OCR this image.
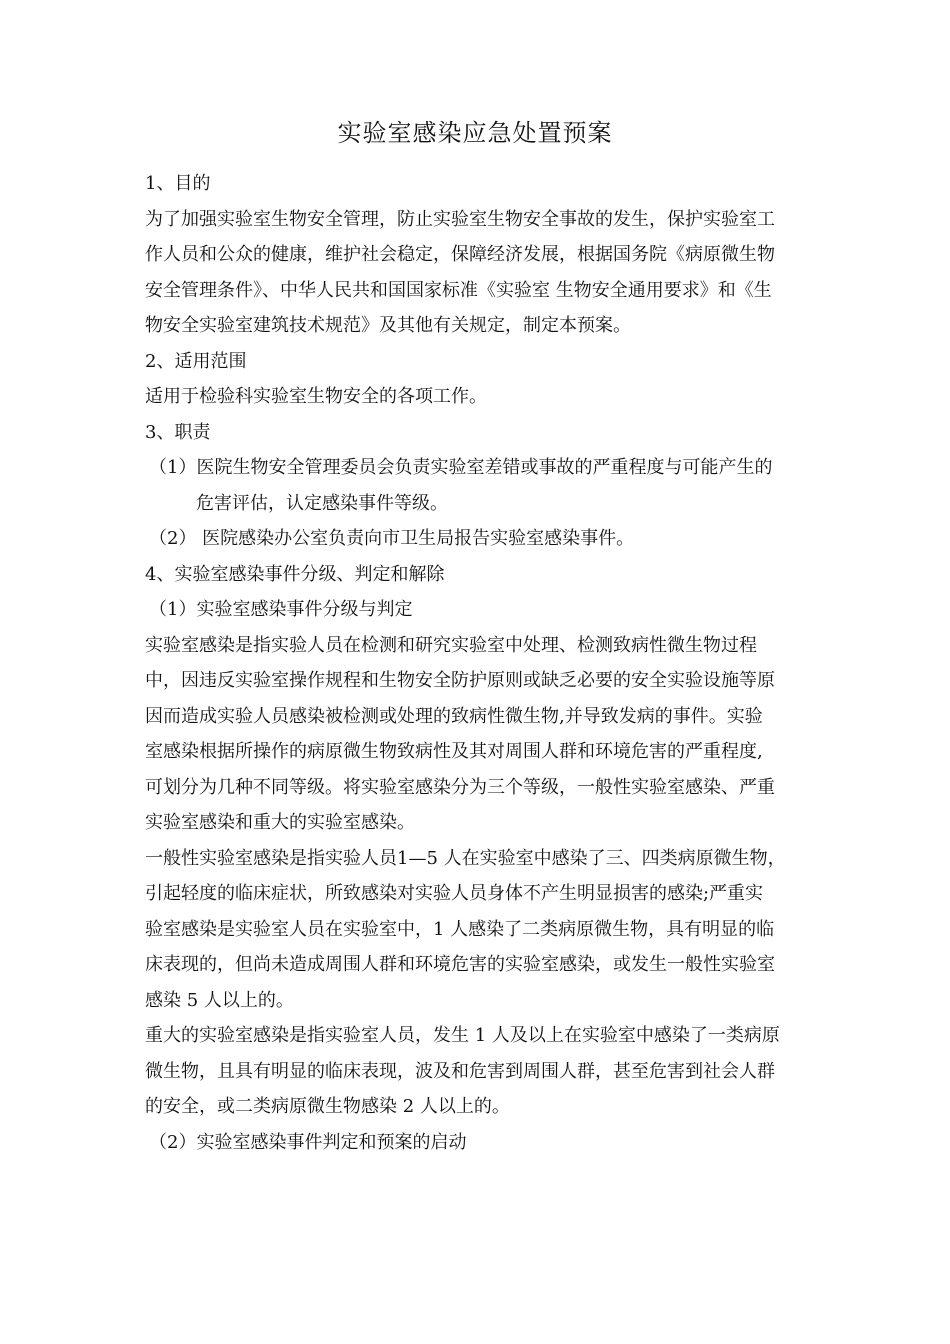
实验室感染应急处置预案
1、目的
为了加强实验室生物安全管理，防止实验室生物安全事故的发生，保护实验室工
作人员和公众的健康，维护社会稳定，保障经济发展，根据国务院《病原微生物
安全管理条件》、中华人民共和国国家标准《实验室 生物安全通用要求》和《生
物安全实验室建筑技术规范》及其他有关规定，制定本预案。
2、适用范围
适用于检验科实验室生物安全的各项工作。
3、职责
（1）医院生物安全管理委员会负责实验室差错或事故的严重程度与可能产生的
危害评估，认定感染事件等级。
（2） 医院感染办公室负责向市卫生局报告实验室感染事件。
4、实验室感染事件分级、判定和解除
（1）实验室感染事件分级与判定
实验室感染是指实验人员在检测和研究实验室中处理、检测致病性微生物过程
中，因违反实验室操作规程和生物安全防护原则或缺乏必要的安全实验设施等原
因而造成实验人员感染被检测或处理的致病性微生物,并导致发病的事件。实验
室感染根据所操作的病原微生物致病性及其对周围人群和环境危害的严重程度,
可划分为几种不同等级。将实验室感染分为三个等级，一般性实验室感染、严重
实验室感染和重大的实验室感染。
一般性实验室感染是指实验人员1—5 人在实验室中感染了三、四类病原微生物，
引起轻度的临床症状，所致感染对实验人员身体不产生明显损害的感染;严重实
验室感染是实验室人员在实验室中，1 人感染了二类病原微生物，具有明显的临
床表现的，但尚未造成周围人群和环境危害的实验室感染，或发生一般性实验室
感染 5 人以上的。
重大的实验室感染是指实验室人员，发生 1 人及以上在实验室中感染了一类病原
微生物，且具有明显的临床表现，波及和危害到周围人群，甚至危害到社会人群
的安全，或二类病原微生物感染 2 人以上的。
（2）实验室感染事件判定和预案的启动
